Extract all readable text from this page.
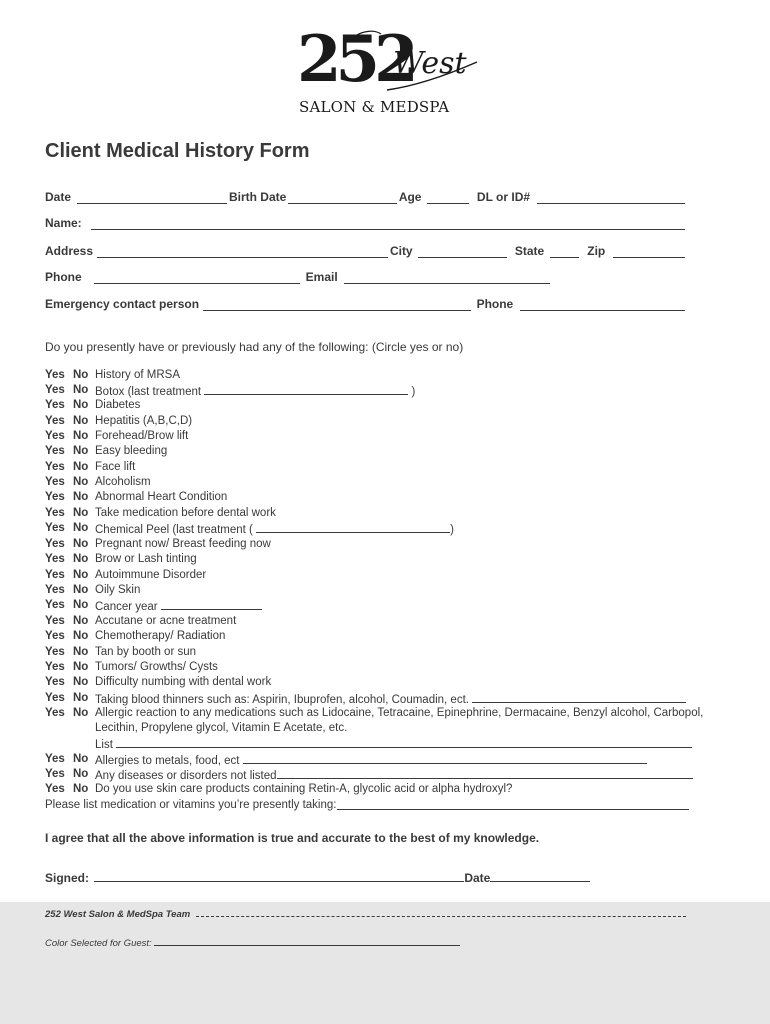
252
West
SALON & MEDSPA
Client Medical History Form
Date	Birth Date	Age	DL or ID#
Name:
Address	City	State	Zip
Phone	Email
Emergency contact person	Phone
Do you presently have or previously had any of the following: (Circle yes or no)
Yes No History of MRSA
Yes No Botox (last treatment	)
Yes No Diabetes
Yes No Hepatitis (A,B,C,D)
Yes No Forehead/Brow lift
Yes No Easy bleeding
Yes No Face lift
Yes No Alcoholism
Yes No Abnormal Heart Condition
Yes No Take medication before dental work
Yes No Chemical Peel (last treatment (	)
Yes No Pregnant now/ Breast feeding now
Yes No Brow or Lash tinting
Yes No Autoimmune Disorder
Yes No Oily Skin
Yes No Cancer year
Yes No Accutane or acne treatment
Yes No Chemotherapy/ Radiation
Yes No Tan by booth or sun
Yes No Tumors/ Growths/ Cysts
Yes No Difficulty numbing with dental work
Yes No Taking blood thinners such as: Aspirin, Ibuprofen, alcohol, Coumadin, ect.
Yes No Allergic reaction to any medications such as Lidocaine, Tetracaine, Epinephrine, Dermacaine, Benzyl alcohol, Carbopol,
Lecithin, Propylene glycol, Vitamin E Acetate, etc.
List
Yes No Allergies to metals, food, ect
Yes No Any diseases or disorders not listed
Yes No Do you use skin care products containing Retin-A, glycolic acid or alpha hydroxyl?
Please list medication or vitamins you’re presently taking:
I agree that all the above information is true and accurate to the best of my knowledge.
Signed:	Date
252 West Salon & MedSpa Team
Color Selected for Guest:
